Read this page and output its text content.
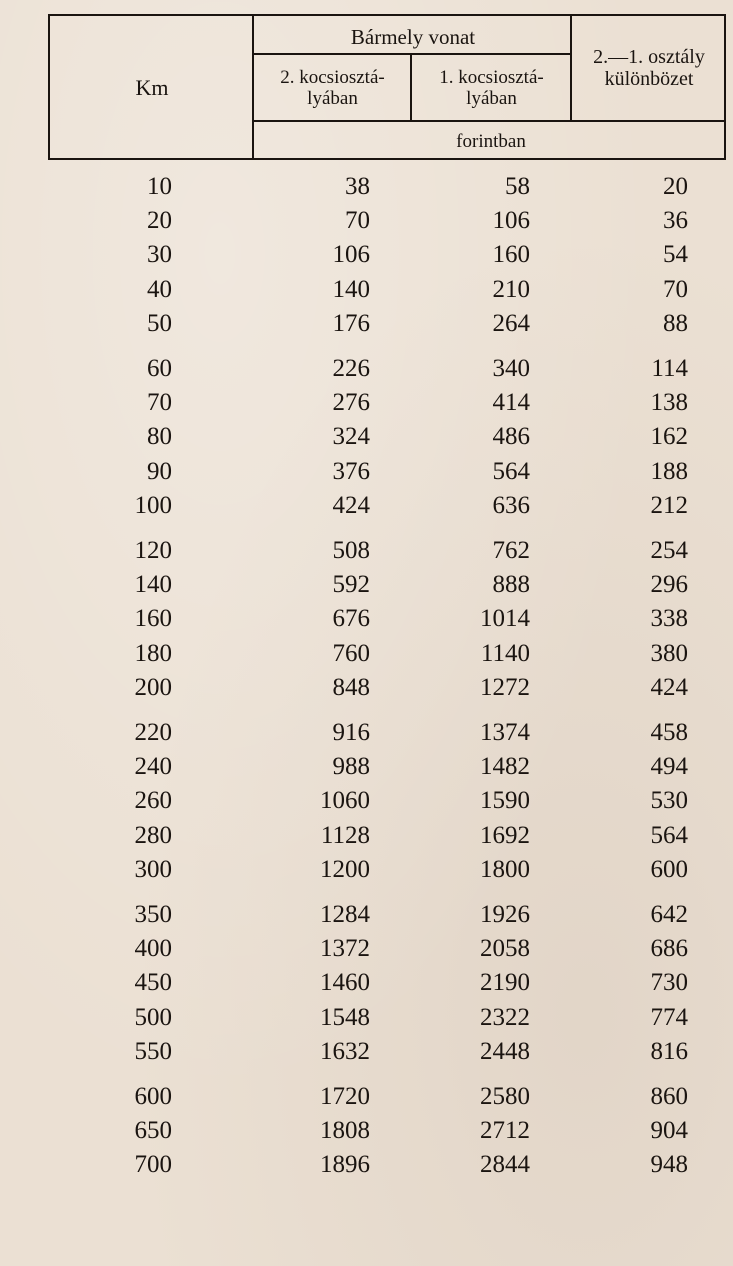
Km
Bármely vonat
2. kocsiosztá-
lyában
1. kocsiosztá-
lyában
2.—1. osztály
különbözet
forintban
10	38	58	20
20	70	106	36
30	106	160	54
40	140	210	70
50	176	264	88
60	226	340	114
70	276	414	138
80	324	486	162
90	376	564	188
100	424	636	212
120	508	762	254
140	592	888	296
160	676	1014	338
180	760	1140	380
200	848	1272	424
220	916	1374	458
240	988	1482	494
260	1060	1590	530
280	1128	1692	564
300	1200	1800	600
350	1284	1926	642
400	1372	2058	686
450	1460	2190	730
500	1548	2322	774
550	1632	2448	816
600	1720	2580	860
650	1808	2712	904
700	1896	2844	948
